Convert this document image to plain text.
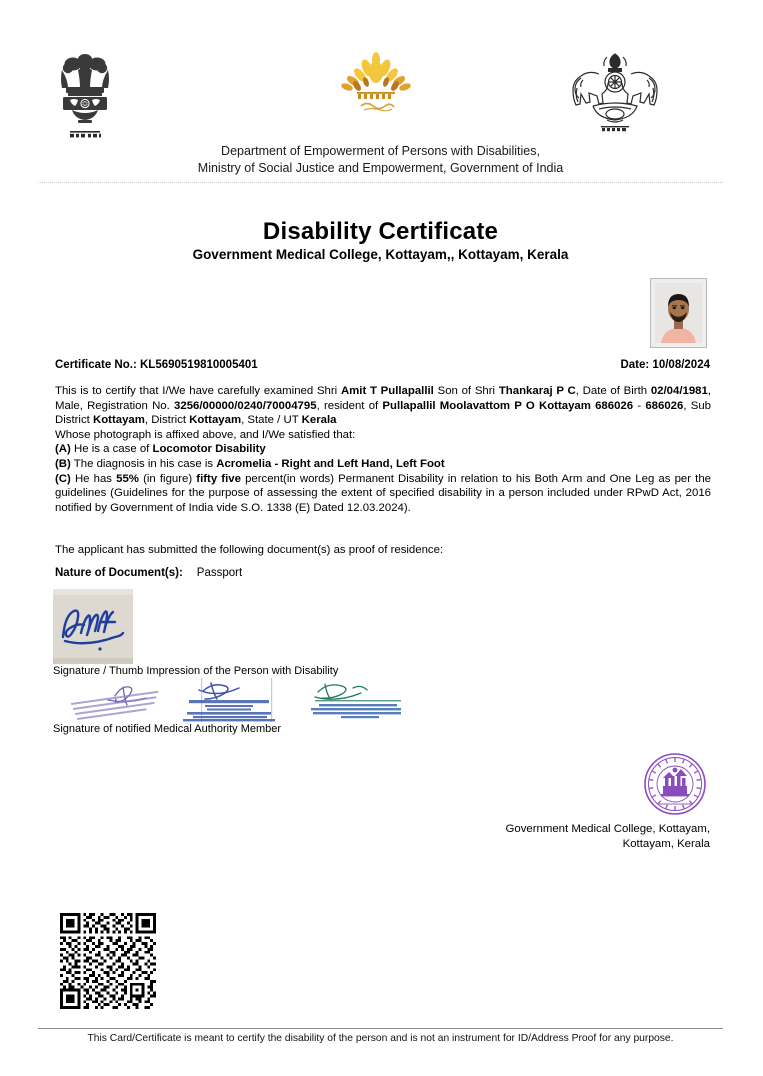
Department of Empowerment of Persons with Disabilities,
Ministry of Social Justice and Empowerment, Government of India
Disability Certificate
Government Medical College, Kottayam,, Kottayam, Kerala
Certificate No.: KL5690519810005401	Date: 10/08/2024
This is to certify that I/We have carefully examined Shri Amit T Pullapallil Son of Shri Thankaraj P C, Date of Birth 02/04/1981, Male, Registration No. 3256/00000/0240/70004795, resident of Pullapallil Moolavattom P O Kottayam 686026 - 686026, Sub District Kottayam, District Kottayam, State / UT Kerala
Whose photograph is affixed above, and I/We satisfied that:
(A) He is a case of Locomotor Disability
(B) The diagnosis in his case is Acromelia - Right and Left Hand, Left Foot
(C) He has 55% (in figure) fifty five percent(in words) Permanent Disability in relation to his Both Arm and One Leg as per the guidelines (Guidelines for the purpose of assessing the extent of specified disability in a person included under RPwD Act, 2016 notified by Government of India vide S.O. 1338 (E) Dated 12.03.2024).
The applicant has submitted the following document(s) as proof of residence:
Nature of Document(s): Passport
Signature / Thumb Impression of the Person with Disability
Signature of notified Medical Authority Member
Government Medical College, Kottayam,
Kottayam, Kerala
This Card/Certificate is meant to certify the disability of the person and is not an instrument for ID/Address Proof for any purpose.
